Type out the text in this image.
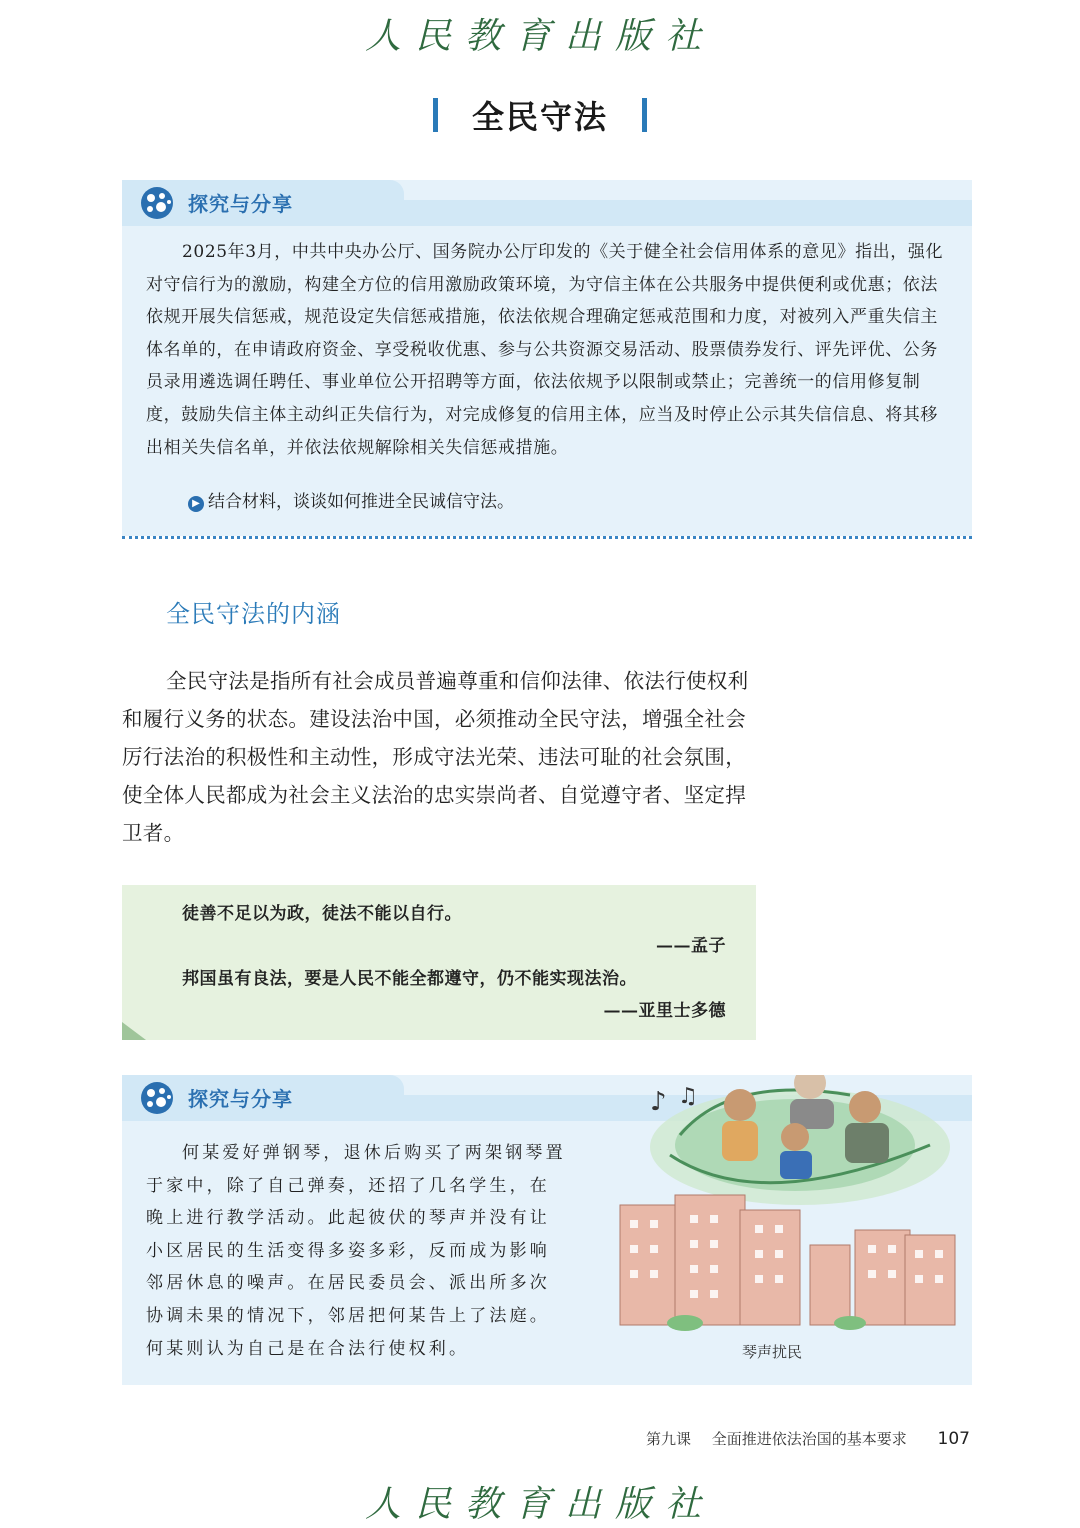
人民教育出版社
全民守法
探究与分享
2025年3月，中共中央办公厅、国务院办公厅印发的《关于健全社会信用体系的意见》指出，强化对守信行为的激励，构建全方位的信用激励政策环境，为守信主体在公共服务中提供便利或优惠；依法依规开展失信惩戒，规范设定失信惩戒措施，依法依规合理确定惩戒范围和力度，对被列入严重失信主体名单的，在申请政府资金、享受税收优惠、参与公共资源交易活动、股票债券发行、评先评优、公务员录用遴选调任聘任、事业单位公开招聘等方面，依法依规予以限制或禁止；完善统一的信用修复制度，鼓励失信主体主动纠正失信行为，对完成修复的信用主体，应当及时停止公示其失信信息、将其移出相关失信名单，并依法依规解除相关失信惩戒措施。
▶ 结合材料，谈谈如何推进全民诚信守法。
全民守法的内涵
全民守法是指所有社会成员普遍尊重和信仰法律、依法行使权利和履行义务的状态。建设法治中国，必须推动全民守法，增强全社会厉行法治的积极性和主动性，形成守法光荣、违法可耻的社会氛围，使全体人民都成为社会主义法治的忠实崇尚者、自觉遵守者、坚定捍卫者。
徒善不足以为政，徒法不能以自行。
——孟子
邦国虽有良法，要是人民不能全都遵守，仍不能实现法治。
——亚里士多德
探究与分享
何某爱好弹钢琴，退休后购买了两架钢琴置于家中，除了自己弹奏，还招了几名学生，在晚上进行教学活动。此起彼伏的琴声并没有让小区居民的生活变得多姿多彩，反而成为影响邻居休息的噪声。在居民委员会、派出所多次协调未果的情况下，邻居把何某告上了法庭。何某则认为自己是在合法行使权利。
♪ ♫
琴声扰民
第九课 全面推进依法治国的基本要求 107
人民教育出版社
